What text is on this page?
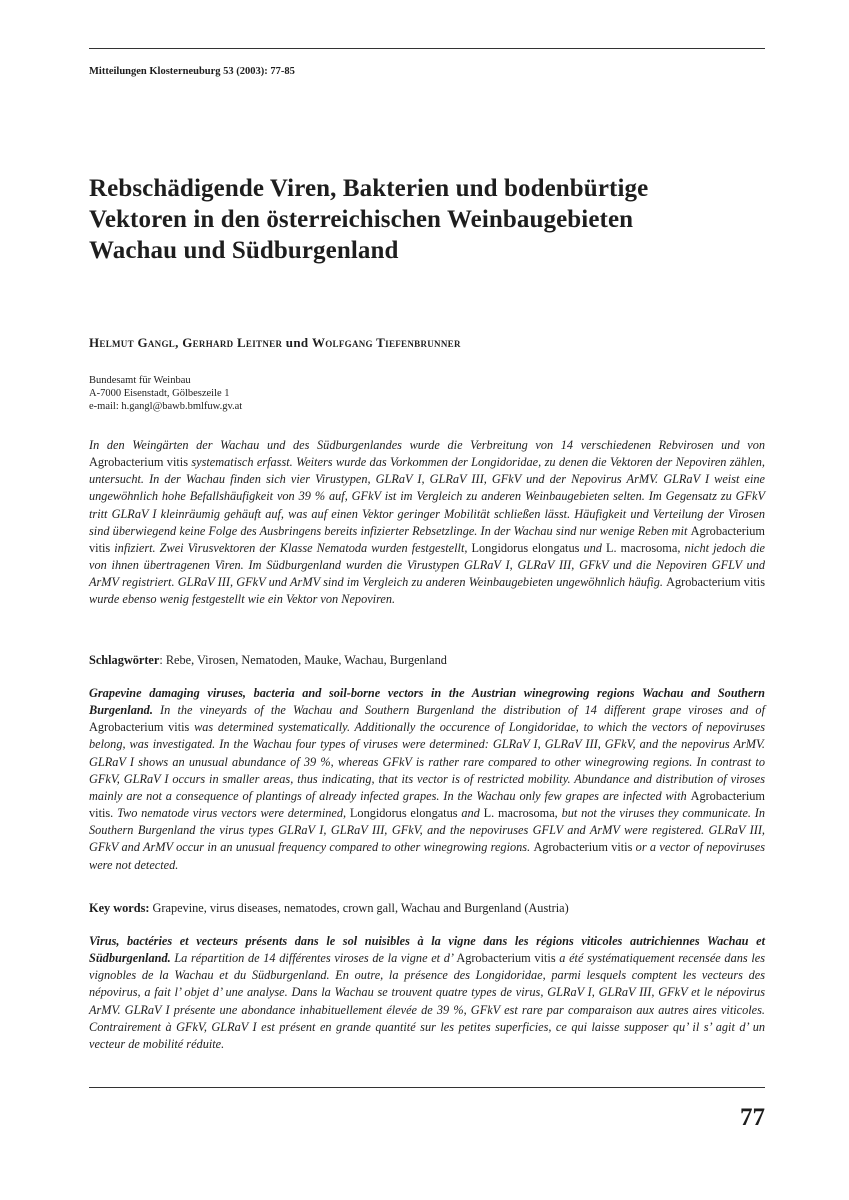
Mitteilungen Klosterneuburg 53 (2003): 77-85
Rebschädigende Viren, Bakterien und bodenbürtige
Vektoren in den österreichischen Weinbaugebieten
Wachau und Südburgenland
Helmut Gangl, Gerhard Leitner und Wolfgang Tiefenbrunner
Bundesamt für Weinbau
A-7000 Eisenstadt, Gölbeszeile 1
e-mail: h.gangl@bawb.bmlfuw.gv.at

In den Weingärten der Wachau und des Südburgenlandes wurde die Verbreitung von 14 verschiedenen Rebvirosen und von Agrobacterium vitis systematisch erfasst. Weiters wurde das Vorkommen der Longidoridae, zu denen die Vektoren der Nepoviren zählen, untersucht. In der Wachau finden sich vier Virustypen, GLRaV I, GLRaV III, GFkV und der Nepovirus ArMV. GLRaV I weist eine ungewöhnlich hohe Befallshäufigkeit von 39 % auf, GFkV ist im Vergleich zu anderen Weinbaugebieten selten. Im Gegensatz zu GFkV tritt GLRaV I kleinräumig gehäuft auf, was auf einen Vektor geringer Mobilität schließen lässt. Häufigkeit und Verteilung der Virosen sind überwiegend keine Folge des Ausbringens bereits infizierter Rebsetzlinge. In der Wachau sind nur wenige Reben mit Agrobacterium vitis infiziert. Zwei Virusvektoren der Klasse Nematoda wurden festgestellt, Longidorus elongatus und L. macrosoma, nicht jedoch die von ihnen übertragenen Viren. Im Südburgenland wurden die Virustypen GLRaV I, GLRaV III, GFkV und die Nepoviren GFLV und ArMV registriert. GLRaV III, GFkV und ArMV sind im Vergleich zu anderen Weinbaugebieten ungewöhnlich häufig. Agrobacterium vitis wurde ebenso wenig festgestellt wie ein Vektor von Nepoviren.

Schlagwörter: Rebe, Virosen, Nematoden, Mauke, Wachau, Burgenland

Grapevine damaging viruses, bacteria and soil-borne vectors in the Austrian winegrowing regions Wachau and Southern Burgenland. In the vineyards of the Wachau and Southern Burgenland the distribution of 14 different grape viroses and of Agrobacterium vitis was determined systematically. Additionally the occurence of Longidoridae, to which the vectors of nepoviruses belong, was investigated. In the Wachau four types of viruses were determined: GLRaV I, GLRaV III, GFkV, and the nepovirus ArMV. GLRaV I shows an unusual abundance of 39 %, whereas GFkV is rather rare compared to other winegrowing regions. In contrast to GFkV, GLRaV I occurs in smaller areas, thus indicating, that its vector is of restricted mobility. Abundance and distribution of viroses mainly are not a consequence of plantings of already infected grapes. In the Wachau only few grapes are infected with Agrobacterium vitis. Two nematode virus vectors were determined, Longidorus elongatus and L. macrosoma, but not the viruses they communicate. In Southern Burgenland the virus types GLRaV I, GLRaV III, GFkV, and the nepoviruses GFLV and ArMV were registered. GLRaV III, GFkV and ArMV occur in an unusual frequency compared to other winegrowing regions. Agrobacterium vitis or a vector of nepoviruses were not detected.

Key words: Grapevine, virus diseases, nematodes, crown gall, Wachau and Burgenland (Austria)

Virus, bactéries et vecteurs présents dans le sol nuisibles à la vigne dans les régions viticoles autrichiennes Wachau et Südburgenland. La répartition de 14 différentes viroses de la vigne et d’ Agrobacterium vitis a été systématiquement recensée dans les vignobles de la Wachau et du Südburgenland. En outre, la présence des Longidoridae, parmi lesquels comptent les vecteurs des népovirus, a fait l’ objet d’ une analyse. Dans la Wachau se trouvent quatre types de virus, GLRaV I, GLRaV III, GFkV et le népovirus ArMV. GLRaV I présente une abondance inhabituellement élevée de 39 %, GFkV est rare par comparaison aux autres aires viticoles. Contrairement à GFkV, GLRaV I est présent en grande quantité sur les petites superficies, ce qui laisse supposer qu’ il s’ agit d’ un vecteur de mobilité réduite.

77
